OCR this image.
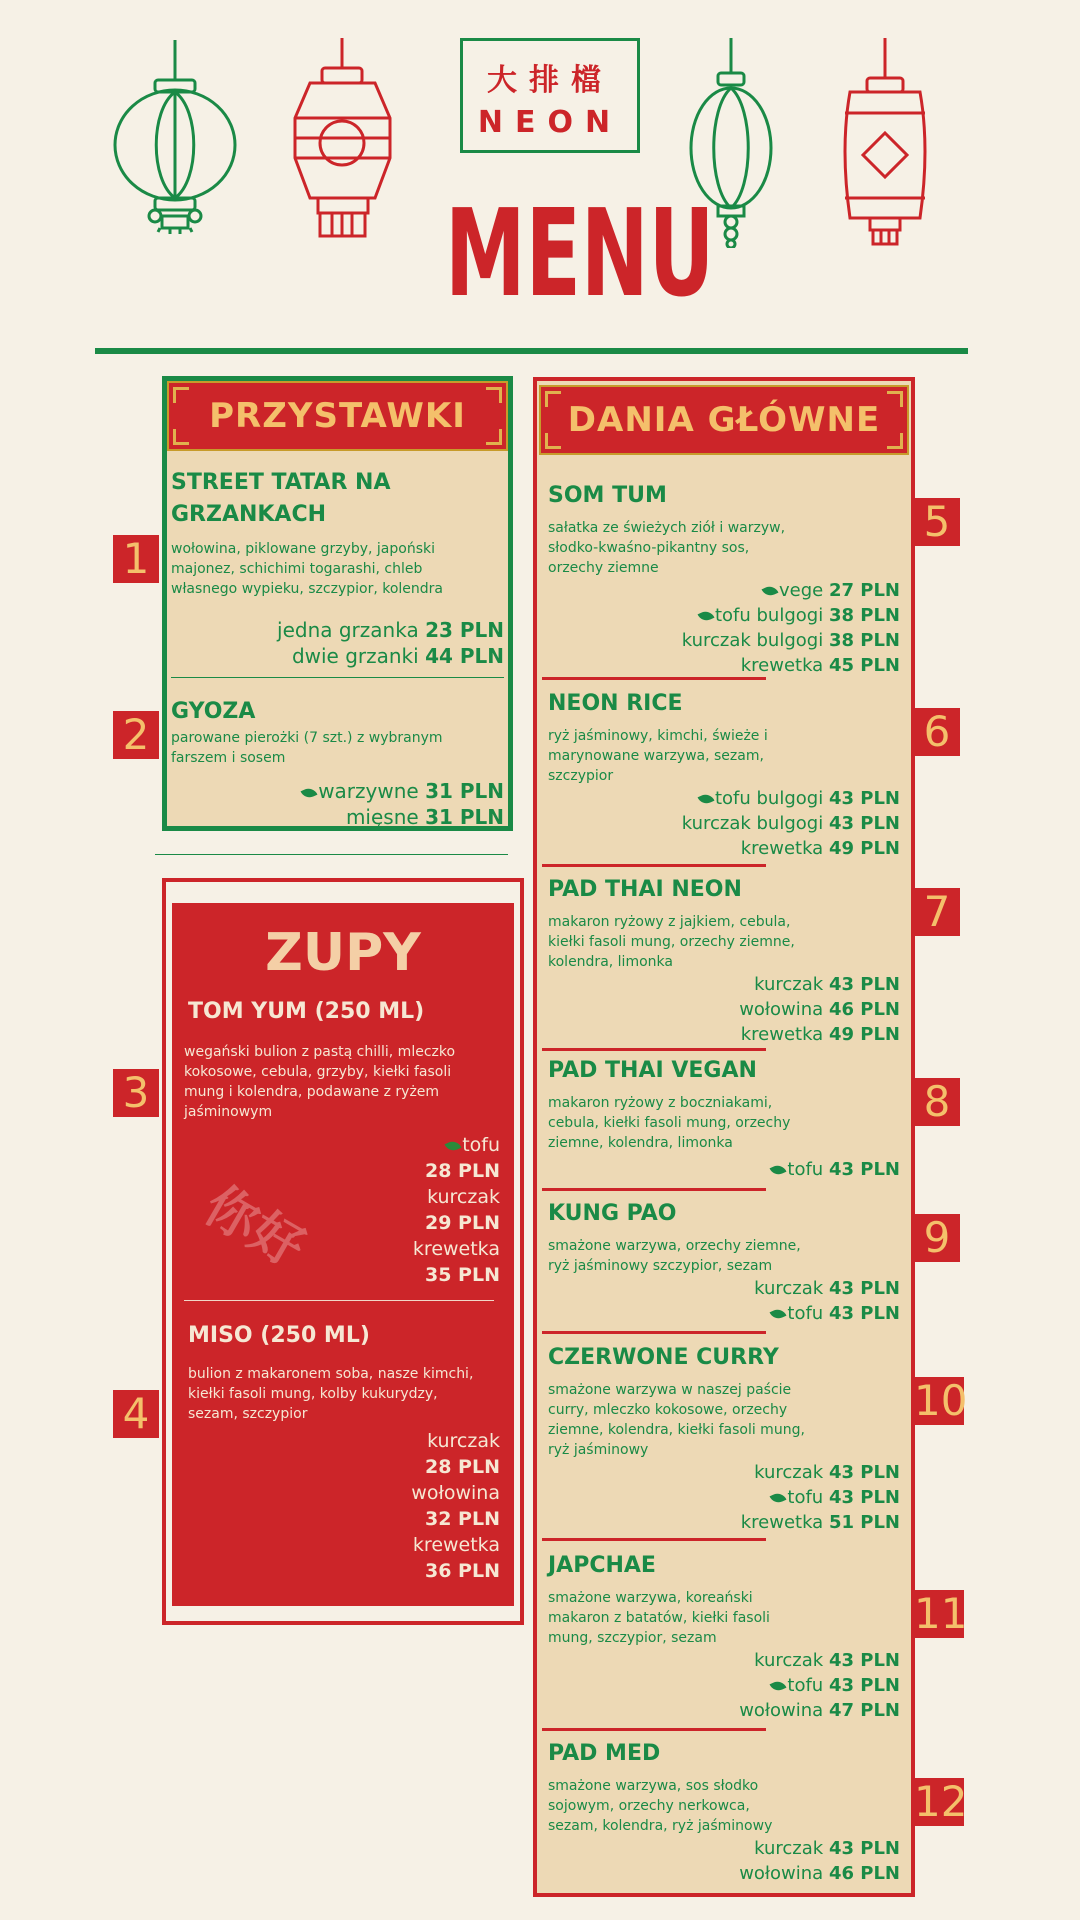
大排檔
NEON
MENU
PRZYSTAWKI
STREET TATAR NA GRZANKACH
wołowina, piklowane grzyby, japoński majonez, schichimi togarashi, chleb własnego wypieku, szczypior, kolendra
jedna grzanka 23 PLN
dwie grzanki 44 PLN
GYOZA
parowane pierożki (7 szt.) z wybranym farszem i sosem
warzywne 31 PLN
mięsne 31 PLN
1
2
ZUPY
TOM YUM (250 ML)
wegański bulion z pastą chilli, mleczko kokosowe, cebula, grzyby, kiełki fasoli mung i kolendra, podawane z ryżem jaśminowym
tofu
28 PLN
kurczak
29 PLN
krewetka
35 PLN
MISO (250 ML)
bulion z makaronem soba, nasze kimchi, kiełki fasoli mung, kolby kukurydzy, sezam, szczypior
kurczak
28 PLN
wołowina
32 PLN
krewetka
36 PLN
你好
3
4
DANIA GŁÓWNE
SOM TUM
sałatka ze świeżych ziół i warzyw, słodko-kwaśno-pikantny sos, orzechy ziemne
vege 27 PLN
tofu bulgogi 38 PLN
kurczak bulgogi 38 PLN
krewetka 45 PLN
NEON RICE
ryż jaśminowy, kimchi, świeże i marynowane warzywa, sezam, szczypior
tofu bulgogi 43 PLN
kurczak bulgogi 43 PLN
krewetka 49 PLN
PAD THAI NEON
makaron ryżowy z jajkiem, cebula, kiełki fasoli mung, orzechy ziemne, kolendra, limonka
kurczak 43 PLN
wołowina 46 PLN
krewetka 49 PLN
PAD THAI VEGAN
makaron ryżowy z boczniakami, cebula, kiełki fasoli mung, orzechy ziemne, kolendra, limonka
tofu 43 PLN
KUNG PAO
smażone warzywa, orzechy ziemne, ryż jaśminowy szczypior, sezam
kurczak 43 PLN
tofu 43 PLN
CZERWONE CURRY
smażone warzywa w naszej paście curry, mleczko kokosowe, orzechy ziemne, kolendra, kiełki fasoli mung, ryż jaśminowy
kurczak 43 PLN
tofu 43 PLN
krewetka 51 PLN
JAPCHAE
smażone warzywa, koreański makaron z batatów, kiełki fasoli mung, szczypior, sezam
kurczak 43 PLN
tofu 43 PLN
wołowina 47 PLN
PAD MED
smażone warzywa, sos słodko sojowym, orzechy nerkowca, sezam, kolendra, ryż jaśminowy
kurczak 43 PLN
wołowina 46 PLN
5
6
7
8
9
10
11
12
